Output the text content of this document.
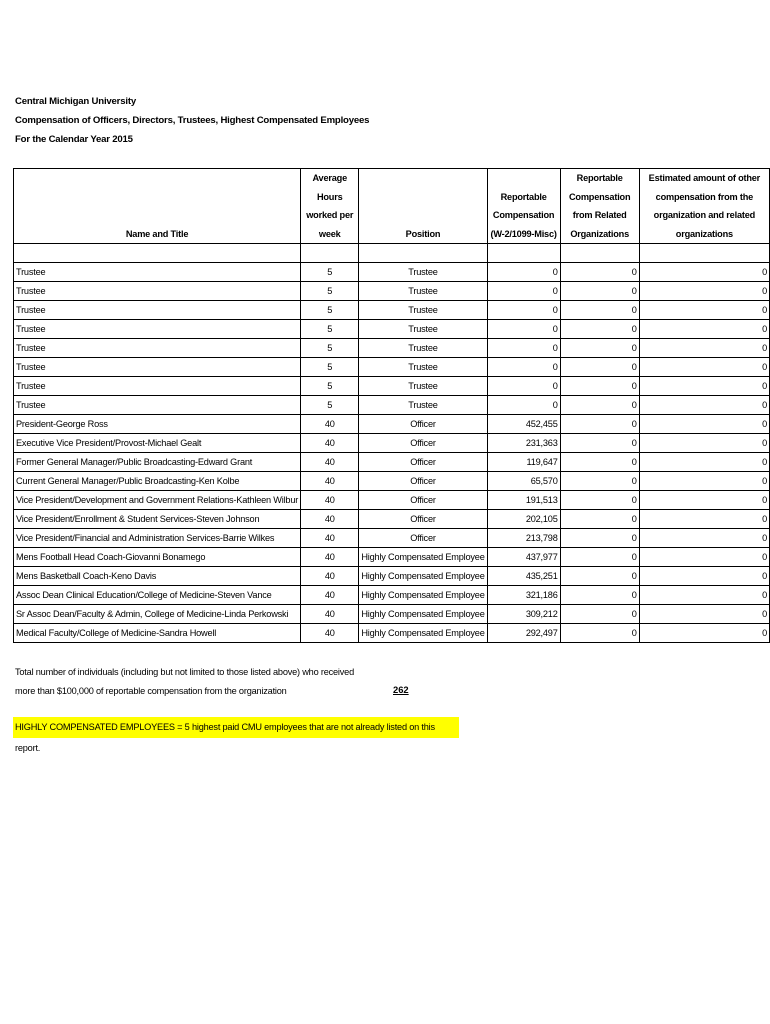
Central Michigan University
Compensation of Officers, Directors, Trustees, Highest Compensated Employees
For the Calendar Year 2015
Name and Title	Average Hours worked per week	Position	Reportable Compensation (W-2/1099-Misc)	Reportable Compensation from Related Organizations	Estimated amount of other compensation from the organization and related organizations

Trustee	5	Trustee	0	0	0
Trustee	5	Trustee	0	0	0
Trustee	5	Trustee	0	0	0
Trustee	5	Trustee	0	0	0
Trustee	5	Trustee	0	0	0
Trustee	5	Trustee	0	0	0
Trustee	5	Trustee	0	0	0
Trustee	5	Trustee	0	0	0
President-George Ross	40	Officer	452,455	0	0
Executive Vice President/Provost-Michael Gealt	40	Officer	231,363	0	0
Former General Manager/Public Broadcasting-Edward Grant	40	Officer	119,647	0	0
Current General Manager/Public Broadcasting-Ken Kolbe	40	Officer	65,570	0	0
Vice President/Development and Government Relations-Kathleen Wilbur	40	Officer	191,513	0	0
Vice President/Enrollment & Student Services-Steven Johnson	40	Officer	202,105	0	0
Vice President/Financial and Administration Services-Barrie Wilkes	40	Officer	213,798	0	0
Mens Football Head Coach-Giovanni Bonamego	40	Highly Compensated Employee	437,977	0	0
Mens Basketball Coach-Keno Davis	40	Highly Compensated Employee	435,251	0	0
Assoc Dean Clinical Education/College of Medicine-Steven Vance	40	Highly Compensated Employee	321,186	0	0
Sr Assoc Dean/Faculty & Admin, College of Medicine-Linda Perkowski	40	Highly Compensated Employee	309,212	0	0
Medical Faculty/College of Medicine-Sandra Howell	40	Highly Compensated Employee	292,497	0	0
Total number of individuals (including but not limited to those listed above) who received
more than $100,000 of reportable compensation from the organization	262
HIGHLY COMPENSATED EMPLOYEES = 5 highest paid CMU employees that are not already listed on this report.
